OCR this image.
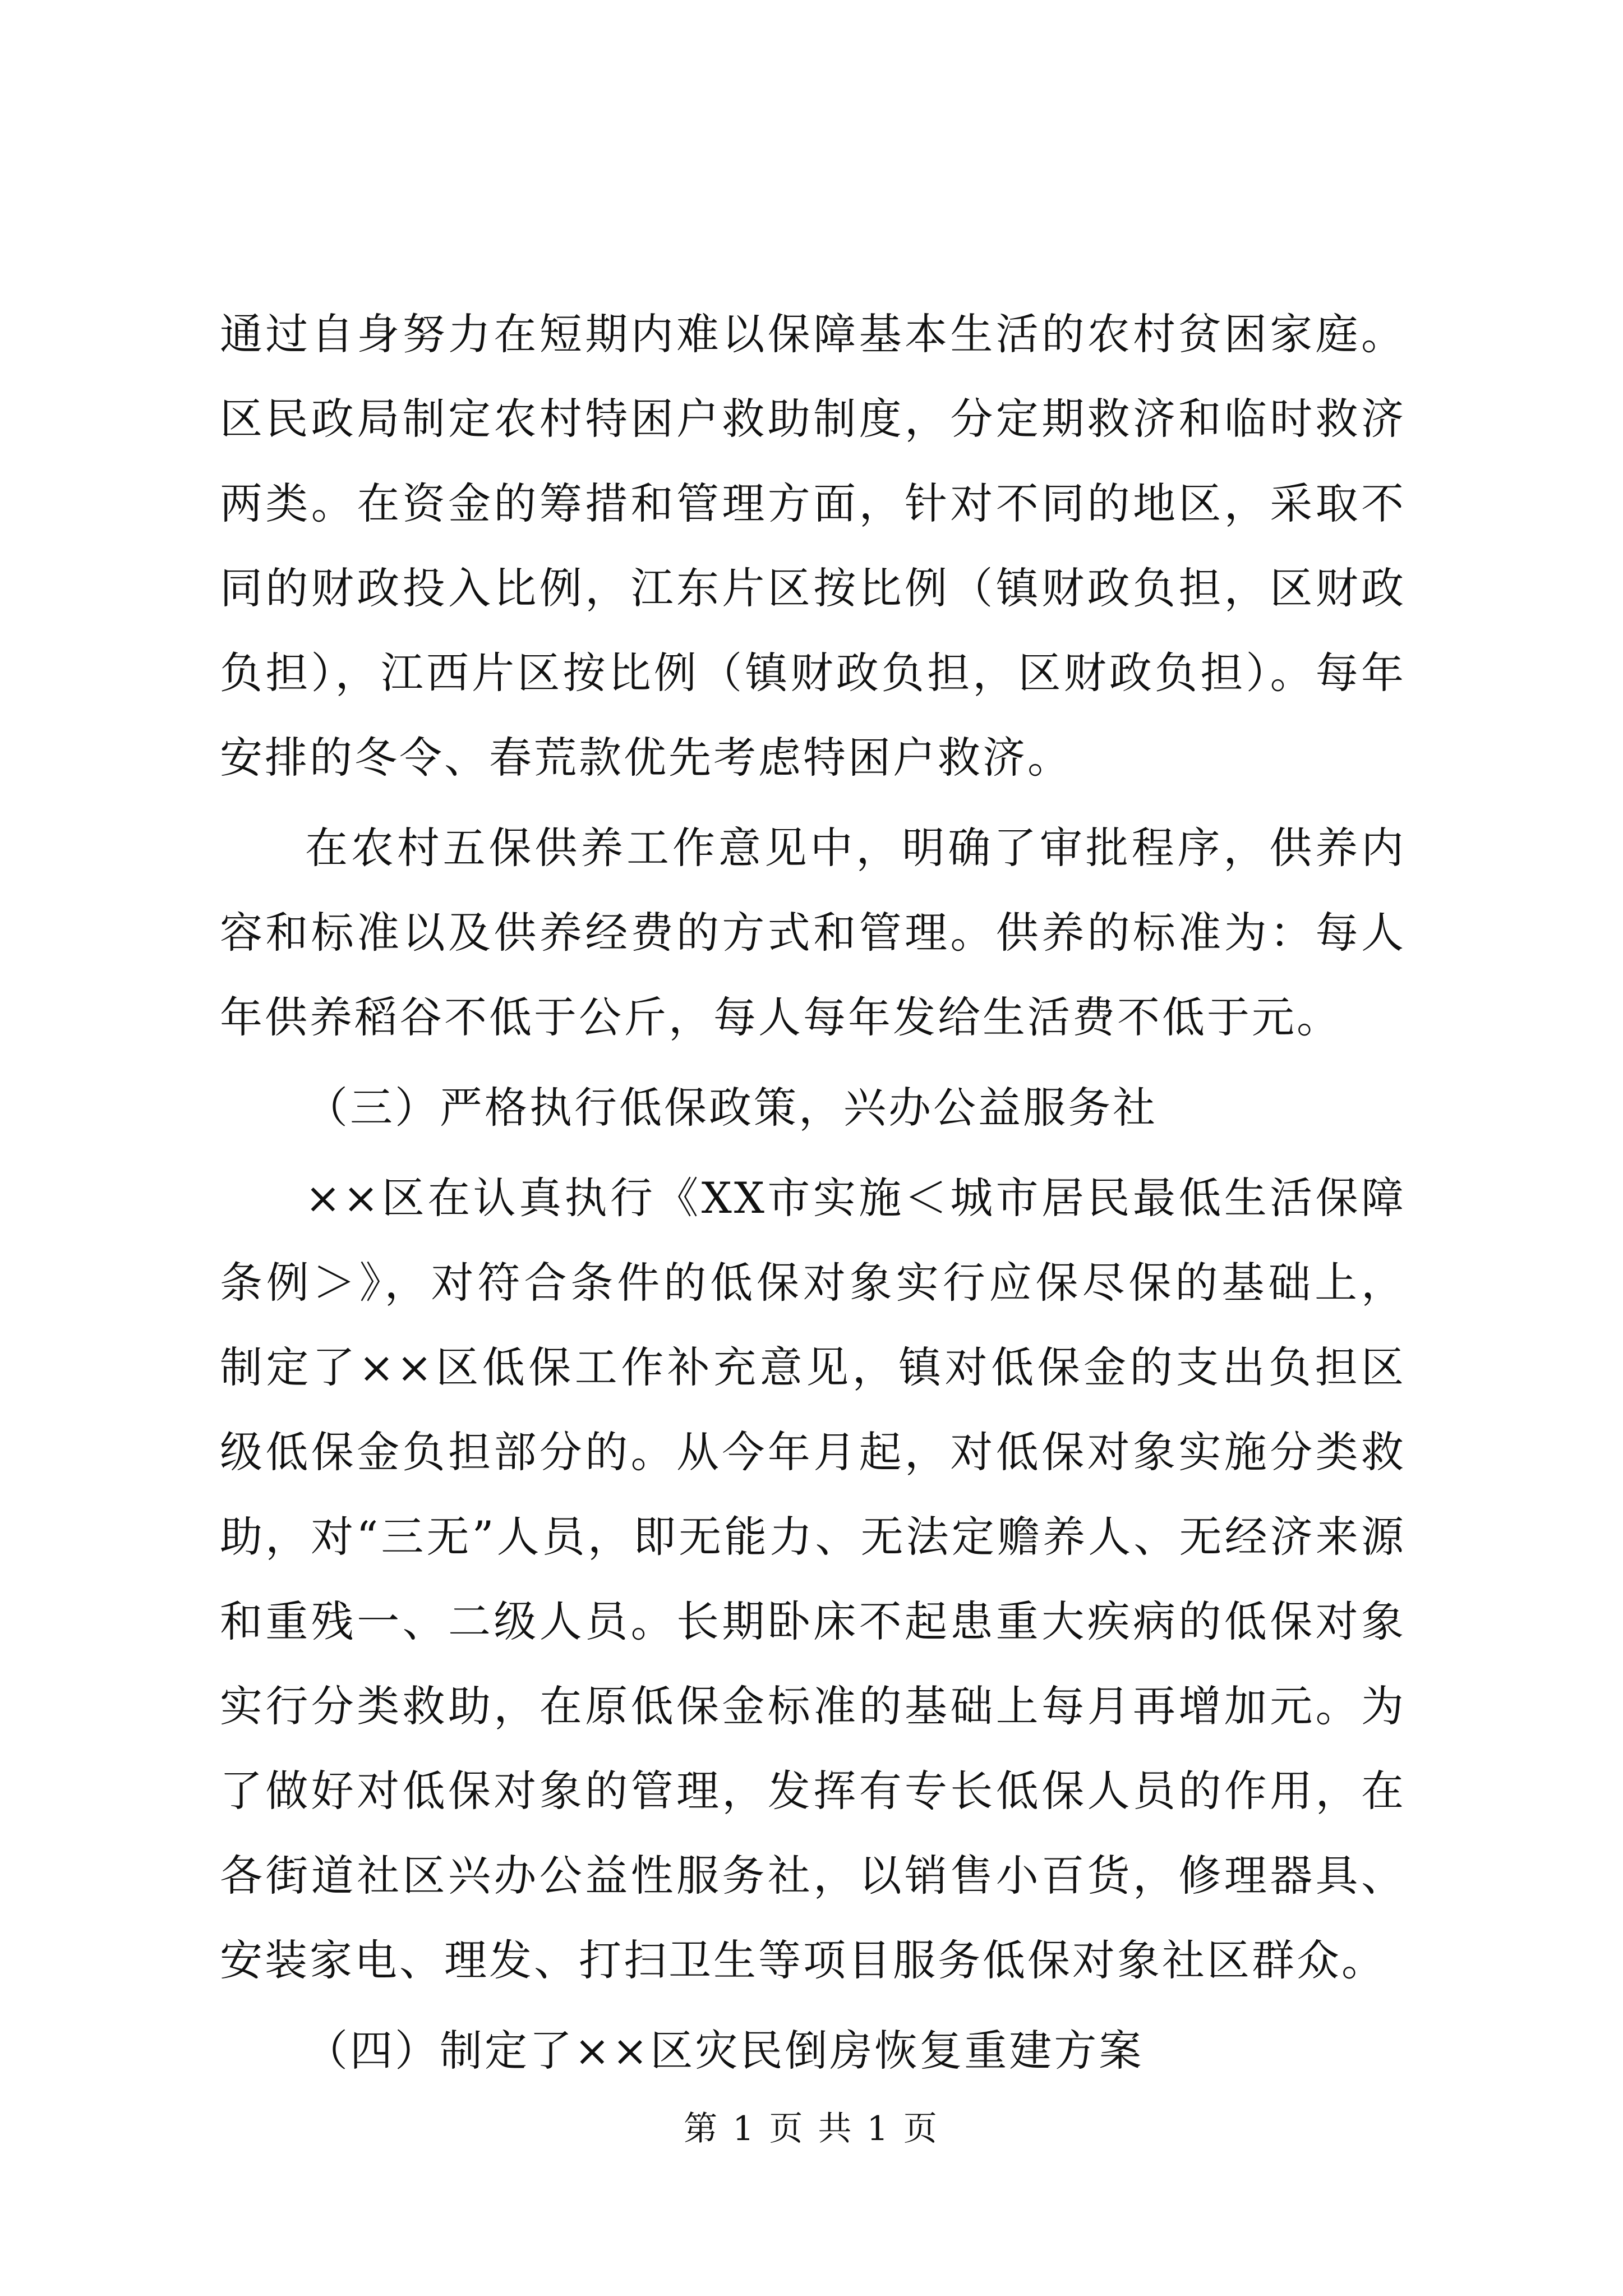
通过自身努力在短期内难以保障基本生活的农村贫困家庭。区民政局制定农村特困户救助制度，分定期救济和临时救济两类。在资金的筹措和管理方面，针对不同的地区，采取不同的财政投入比例，江东片区按比例（镇财政负担，区财政负担），江西片区按比例（镇财政负担，区财政负担）。每年安排的冬令、春荒款优先考虑特困户救济。

在农村五保供养工作意见中，明确了审批程序，供养内容和标准以及供养经费的方式和管理。供养的标准为：每人年供养稻谷不低于公斤，每人每年发给生活费不低于元。

（三）严格执行低保政策，兴办公益服务社

××区在认真执行《XX市实施＜城市居民最低生活保障条例＞》，对符合条件的低保对象实行应保尽保的基础上，制定了××区低保工作补充意见，镇对低保金的支出负担区级低保金负担部分的。从今年月起，对低保对象实施分类救助，对“三无”人员，即无能力、无法定赡养人、无经济来源和重残一、二级人员。长期卧床不起患重大疾病的低保对象实行分类救助，在原低保金标准的基础上每月再增加元。为了做好对低保对象的管理，发挥有专长低保人员的作用，在各街道社区兴办公益性服务社，以销售小百货，修理器具、安装家电、理发、打扫卫生等项目服务低保对象社区群众。

（四）制定了××区灾民倒房恢复重建方案

第 1 页 共 1 页
